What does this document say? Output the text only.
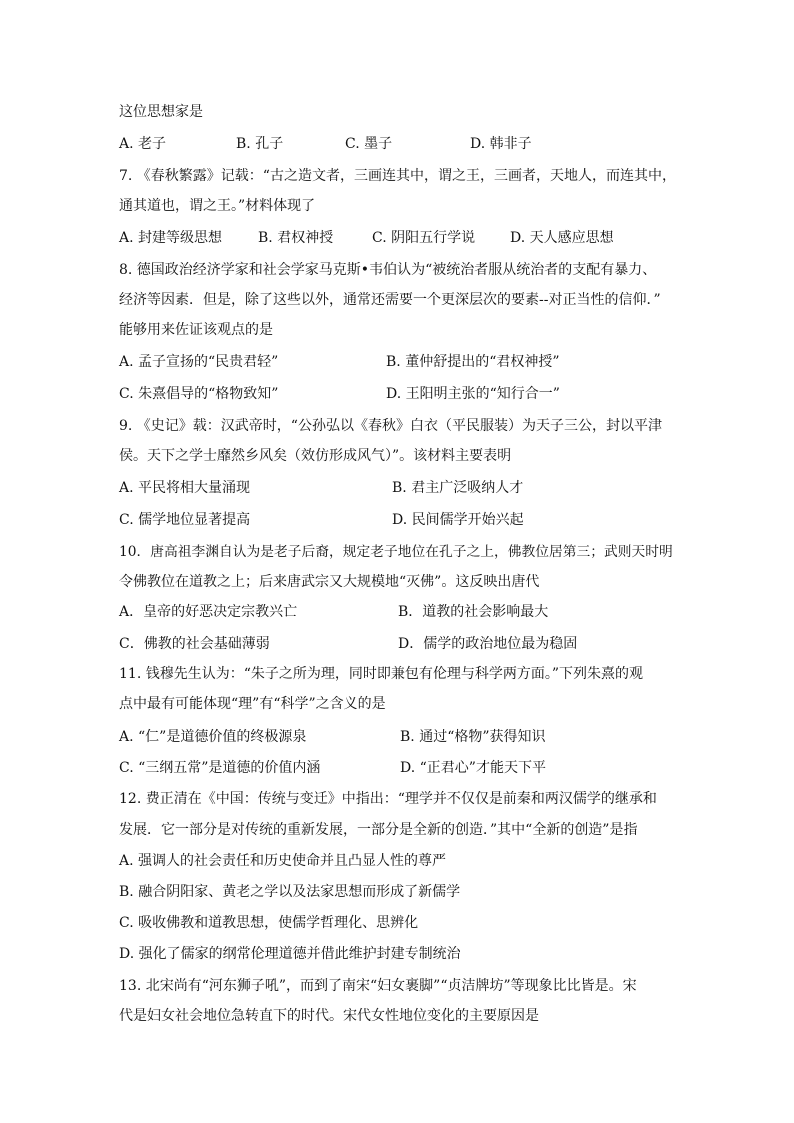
这位思想家是
A. 老子	B. 孔子	C. 墨子	D. 韩非子
7. 《春秋繁露》记载：“古之造文者，三画连其中，谓之王，三画者，天地人，而连其中，
通其道也，谓之王。”材料体现了
A. 封建等级思想	B. 君权神授	C. 阴阳五行学说 D. 天人感应思想
8. 德国政治经济学家和社会学家马克斯•韦伯认为“被统治者服从统治者的支配有暴力、
经济等因素．但是，除了这些以外，通常还需要一个更深层次的要素--对正当性的信仰．”
能够用来佐证该观点的是
A. 孟子宣扬的“民贵君轻”	B. 董仲舒提出的“君权神授”
C. 朱熹倡导的“格物致知”	D. 王阳明主张的“知行合一”
9. 《史记》载：汉武帝时，“公孙弘以《春秋》白衣（平民服装）为天子三公，封以平津
侯。天下之学士靡然乡风矣（效仿形成风气）”。该材料主要表明
A. 平民将相大量涌现	B. 君主广泛吸纳人才
C. 儒学地位显著提高	D. 民间儒学开始兴起
10．唐高祖李渊自认为是老子后裔，规定老子地位在孔子之上，佛教位居第三；武则天时明
令佛教位在道教之上；后来唐武宗又大规模地“灭佛”。这反映出唐代
A．皇帝的好恶决定宗教兴亡	B．道教的社会影响最大
C．佛教的社会基础薄弱	D．儒学的政治地位最为稳固
11. 钱穆先生认为：“朱子之所为理，同时即兼包有伦理与科学两方面。”下列朱熹的观
点中最有可能体现“理”有“科学”之含义的是
A. “仁”是道德价值的终极源泉	B. 通过“格物”获得知识
C. “三纲五常”是道德的价值内涵	D. “正君心”才能天下平
12. 费正清在《中国：传统与变迁》中指出：“理学并不仅仅是前秦和两汉儒学的继承和
发展．它一部分是对传统的重新发展，一部分是全新的创造．”其中“全新的创造”是指
A. 强调人的社会责任和历史使命并且凸显人性的尊严
B. 融合阴阳家、黄老之学以及法家思想而形成了新儒学
C. 吸收佛教和道教思想，使儒学哲理化、思辨化
D. 强化了儒家的纲常伦理道德并借此维护封建专制统治
13. 北宋尚有“河东狮子吼”，而到了南宋“妇女裹脚”“贞洁牌坊”等现象比比皆是。宋
代是妇女社会地位急转直下的时代。宋代女性地位变化的主要原因是
